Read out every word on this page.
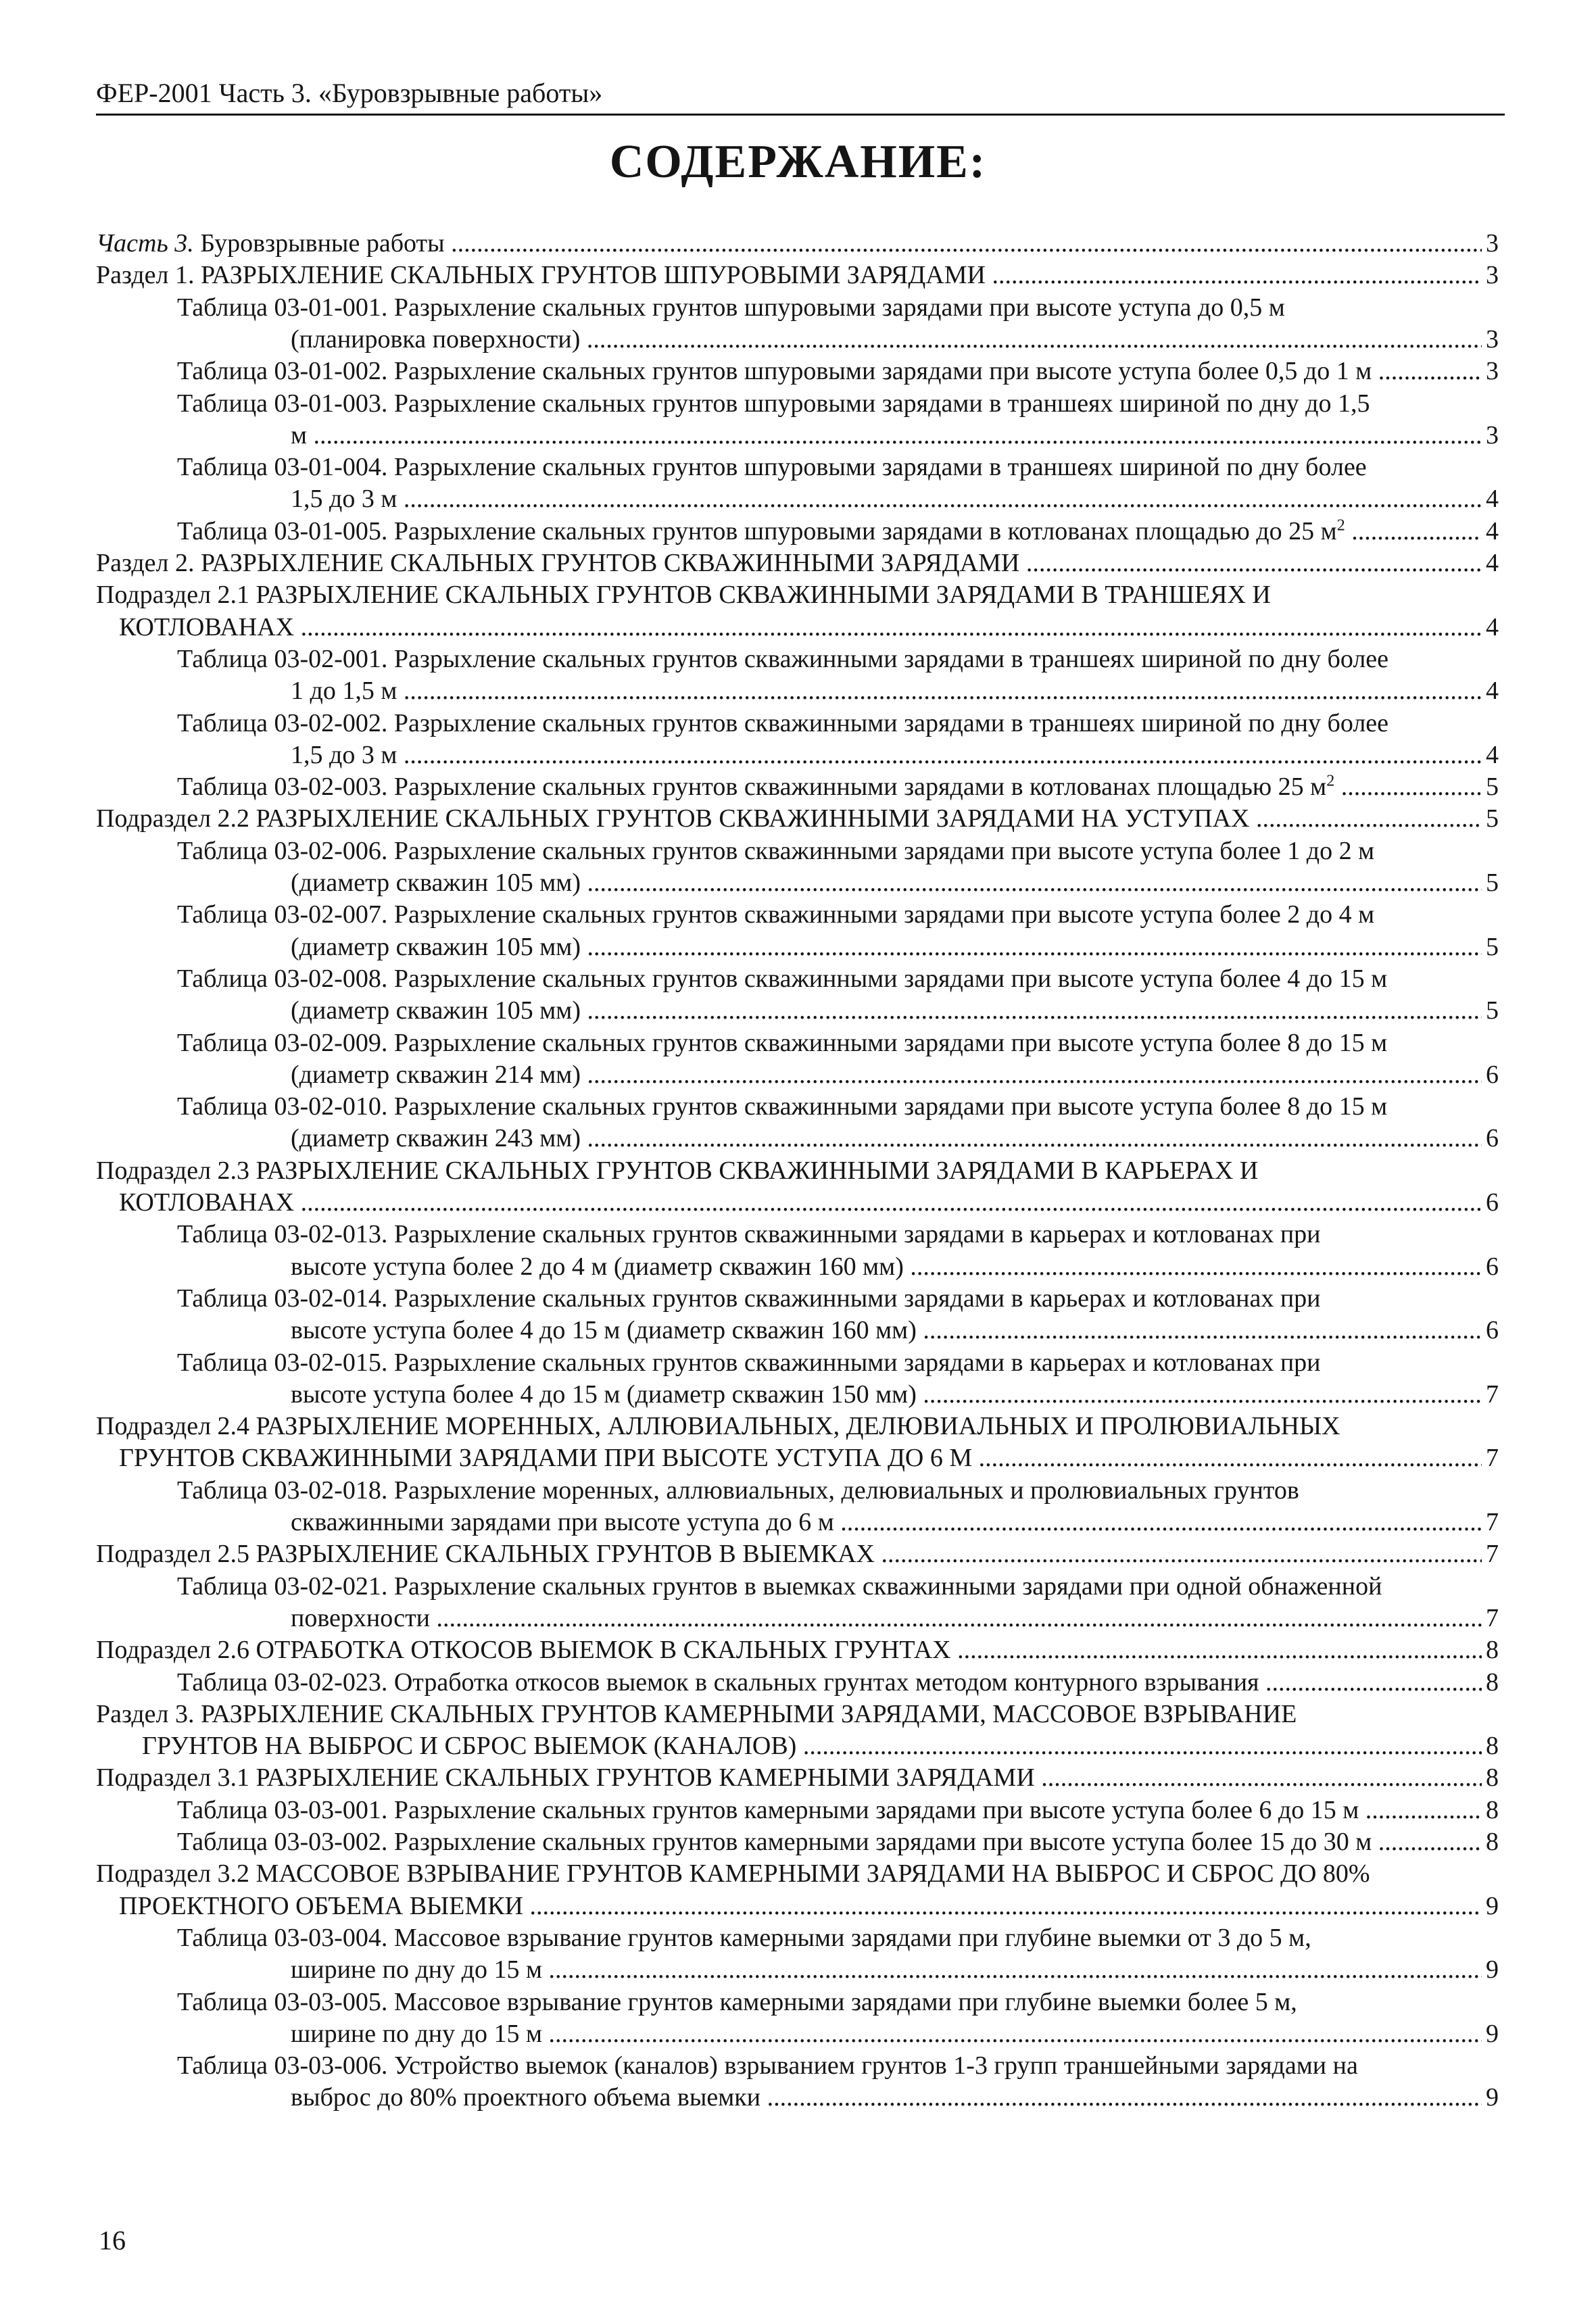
ФЕР-2001 Часть 3. «Буровзрывные работы»
СОДЕРЖАНИЕ:
Часть 3. Буровзрывные работы .....	3
Раздел 1. РАЗРЫХЛЕНИЕ СКАЛЬНЫХ ГРУНТОВ ШПУРОВЫМИ ЗАРЯДАМИ .....	3
Таблица 03-01-001. Разрыхление скальных грунтов шпуровыми зарядами при высоте уступа до 0,5 м
(планировка поверхности) .....	3
Таблица 03-01-002. Разрыхление скальных грунтов шпуровыми зарядами при высоте уступа более 0,5 до 1 м .....	3
Таблица 03-01-003. Разрыхление скальных грунтов шпуровыми зарядами в траншеях шириной по дну до 1,5
м .....	3
Таблица 03-01-004. Разрыхление скальных грунтов шпуровыми зарядами в траншеях шириной по дну более
1,5 до 3 м .....	4
Таблица 03-01-005. Разрыхление скальных грунтов шпуровыми зарядами в котлованах площадью до 25 $м^2$ .....	4
Раздел 2. РАЗРЫХЛЕНИЕ СКАЛЬНЫХ ГРУНТОВ СКВАЖИННЫМИ ЗАРЯДАМИ .....	4
Подраздел 2.1 РАЗРЫХЛЕНИЕ СКАЛЬНЫХ ГРУНТОВ СКВАЖИННЫМИ ЗАРЯДАМИ В ТРАНШЕЯХ И
КОТЛОВАНАХ .....	4
Таблица 03-02-001. Разрыхление скальных грунтов скважинными зарядами в траншеях шириной по дну более
1 до 1,5 м .....	4
Таблица 03-02-002. Разрыхление скальных грунтов скважинными зарядами в траншеях шириной по дну более
1,5 до 3 м .....	4
Таблица 03-02-003. Разрыхление скальных грунтов скважинными зарядами в котлованах площадью 25 $м^2$ .....	5
Подраздел 2.2 РАЗРЫХЛЕНИЕ СКАЛЬНЫХ ГРУНТОВ СКВАЖИННЫМИ ЗАРЯДАМИ НА УСТУПАХ .....	5
Таблица 03-02-006. Разрыхление скальных грунтов скважинными зарядами при высоте уступа более 1 до 2 м
(диаметр скважин 105 мм) .....	5
Таблица 03-02-007. Разрыхление скальных грунтов скважинными зарядами при высоте уступа более 2 до 4 м
(диаметр скважин 105 мм) .....	5
Таблица 03-02-008. Разрыхление скальных грунтов скважинными зарядами при высоте уступа более 4 до 15 м
(диаметр скважин 105 мм) .....	5
Таблица 03-02-009. Разрыхление скальных грунтов скважинными зарядами при высоте уступа более 8 до 15 м
(диаметр скважин 214 мм) .....	6
Таблица 03-02-010. Разрыхление скальных грунтов скважинными зарядами при высоте уступа более 8 до 15 м
(диаметр скважин 243 мм) .....	6
Подраздел 2.3 РАЗРЫХЛЕНИЕ СКАЛЬНЫХ ГРУНТОВ СКВАЖИННЫМИ ЗАРЯДАМИ В КАРЬЕРАХ И
КОТЛОВАНАХ .....	6
Таблица 03-02-013. Разрыхление скальных грунтов скважинными зарядами в карьерах и котлованах при
высоте уступа более 2 до 4 м (диаметр скважин 160 мм) .....	6
Таблица 03-02-014. Разрыхление скальных грунтов скважинными зарядами в карьерах и котлованах при
высоте уступа более 4 до 15 м (диаметр скважин 160 мм) .....	6
Таблица 03-02-015. Разрыхление скальных грунтов скважинными зарядами в карьерах и котлованах при
высоте уступа более 4 до 15 м (диаметр скважин 150 мм) .....	7
Подраздел 2.4 РАЗРЫХЛЕНИЕ МОРЕННЫХ, АЛЛЮВИАЛЬНЫХ, ДЕЛЮВИАЛЬНЫХ И ПРОЛЮВИАЛЬНЫХ
ГРУНТОВ СКВАЖИННЫМИ ЗАРЯДАМИ ПРИ ВЫСОТЕ УСТУПА ДО 6 М .....	7
Таблица 03-02-018. Разрыхление моренных, аллювиальных, делювиальных и пролювиальных грунтов
скважинными зарядами при высоте уступа до 6 м .....	7
Подраздел 2.5 РАЗРЫХЛЕНИЕ СКАЛЬНЫХ ГРУНТОВ В ВЫЕМКАХ .....	7
Таблица 03-02-021. Разрыхление скальных грунтов в выемках скважинными зарядами при одной обнаженной
поверхности .....	7
Подраздел 2.6 ОТРАБОТКА ОТКОСОВ ВЫЕМОК В СКАЛЬНЫХ ГРУНТАХ .....	8
Таблица 03-02-023. Отработка откосов выемок в скальных грунтах методом контурного взрывания .....	8
Раздел 3. РАЗРЫХЛЕНИЕ СКАЛЬНЫХ ГРУНТОВ КАМЕРНЫМИ ЗАРЯДАМИ, МАССОВОЕ ВЗРЫВАНИЕ
ГРУНТОВ НА ВЫБРОС И СБРОС ВЫЕМОК (КАНАЛОВ) .....	8
Подраздел 3.1 РАЗРЫХЛЕНИЕ СКАЛЬНЫХ ГРУНТОВ КАМЕРНЫМИ ЗАРЯДАМИ .....	8
Таблица 03-03-001. Разрыхление скальных грунтов камерными зарядами при высоте уступа более 6 до 15 м .....	8
Таблица 03-03-002. Разрыхление скальных грунтов камерными зарядами при высоте уступа более 15 до 30 м .....	8
Подраздел 3.2 МАССОВОЕ ВЗРЫВАНИЕ ГРУНТОВ КАМЕРНЫМИ ЗАРЯДАМИ НА ВЫБРОС И СБРОС ДО 80%
ПРОЕКТНОГО ОБЪЕМА ВЫЕМКИ .....	9
Таблица 03-03-004. Массовое взрывание грунтов камерными зарядами при глубине выемки от 3 до 5 м,
ширине по дну до 15 м .....	9
Таблица 03-03-005. Массовое взрывание грунтов камерными зарядами при глубине выемки более 5 м,
ширине по дну до 15 м .....	9
Таблица 03-03-006. Устройство выемок (каналов) взрыванием грунтов 1-3 групп траншейными зарядами на
выброс до 80% проектного объема выемки .....	9
16
